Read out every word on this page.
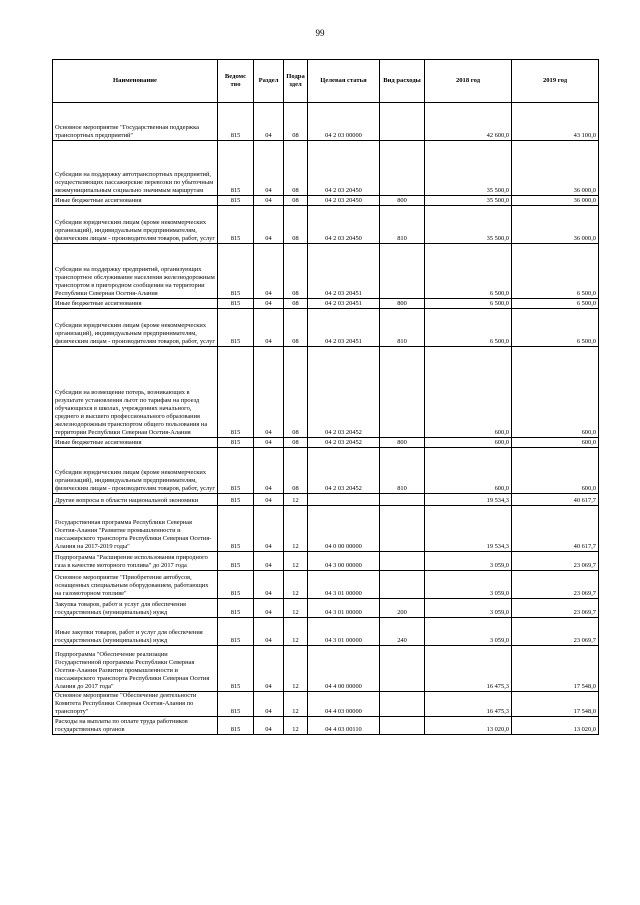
99
Наименование	Ведомс тво	Раздел	Подра здел	Целевая статья	Вид расходы	2018 год	2019 год
Основное мероприятие "Государственная поддержка транспортных предприятий"	815	04	08	04 2 03 00000		42 600,0	43 100,0
Субсидии на поддержку автотранспортных предприятий, осуществляющих пассажирские перевозки по убыточным межмуниципальным социально значимым маршрутам	815	04	08	04 2 03 20450		35 500,0	36 000,0
Иные бюджетные ассигнования	815	04	08	04 2 03 20450	800	35 500,0	36 000,0
Субсидии юридическим лицам (кроме некоммерческих организаций), индивидуальным предпринимателям, физическим лицам - производителям товаров, работ, услуг	815	04	08	04 2 03 20450	810	35 500,0	36 000,0
Субсидии на поддержку предприятий, организующих транспортное обслуживание населения железнодорожным транспортом в пригородном сообщении на территории Республики Северная Осетия-Алания	815	04	08	04 2 03 20451		6 500,0	6 500,0
Иные бюджетные ассигнования	815	04	08	04 2 03 20451	800	6 500,0	6 500,0
Субсидии юридическим лицам (кроме некоммерческих организаций), индивидуальным предпринимателям, физическим лицам - производителям товаров, работ, услуг	815	04	08	04 2 03 20451	810	6 500,0	6 500,0
Субсидии на возмещение потерь, возникающих в результате установления льгот по тарифам на проезд обучающихся в школах, учреждениях начального, среднего и высшего профессионального образования железнодорожным транспортом общего пользования на территории Республики Северная Осетия-Алания	815	04	08	04 2 03 20452		600,0	600,0
Иные бюджетные ассигнования	815	04	08	04 2 03 20452	800	600,0	600,0
Субсидии юридическим лицам (кроме некоммерческих организаций), индивидуальным предпринимателям, физическим лицам - производителям товаров, работ, услуг	815	04	08	04 2 03 20452	810	600,0	600,0
Другие вопросы в области национальной экономики	815	04	12			19 534,3	40 617,7
Государственная программа Республики Северная Осетия-Алания "Развитие промышленности и пассажирского транспорта Республики Северная Осетия-Алания на 2017-2019 годы"	815	04	12	04 0 00 00000		19 534,3	40 617,7
Подпрограмма "Расширение использования природного газа в качестве моторного топлива" до 2017 года	815	04	12	04 3 00 00000		3 059,0	23 069,7
Основное мероприятие "Приобретение автобусов, оснащенных специальным оборудованием, работающих на газомоторном топливе"	815	04	12	04 3 01 00000		3 059,0	23 069,7
Закупка товаров, работ и услуг для обеспечения государственных (муниципальных) нужд	815	04	12	04 3 01 00000	200	3 059,0	23 069,7
Иные закупки товаров, работ и услуг для обеспечения государственных (муниципальных) нужд	815	04	12	04 3 01 00000	240	3 059,0	23 069,7
Подпрограмма "Обеспечение реализации Государственной программы Республики Северная Осетия-Алания Развитие промышленности и пассажирского транспорта Республики Северная Осетия Алания до 2017 года"	815	04	12	04 4 00 00000		16 475,3	17 548,0
Основное мероприятие "Обеспечение деятельности Комитета Республики Северная Осетия-Алания по транспорту"	815	04	12	04 4 03 00000		16 475,3	17 548,0
Расходы на выплаты по оплате труда работников государственных органов	815	04	12	04 4 03 00110		13 020,0	13 020,0
